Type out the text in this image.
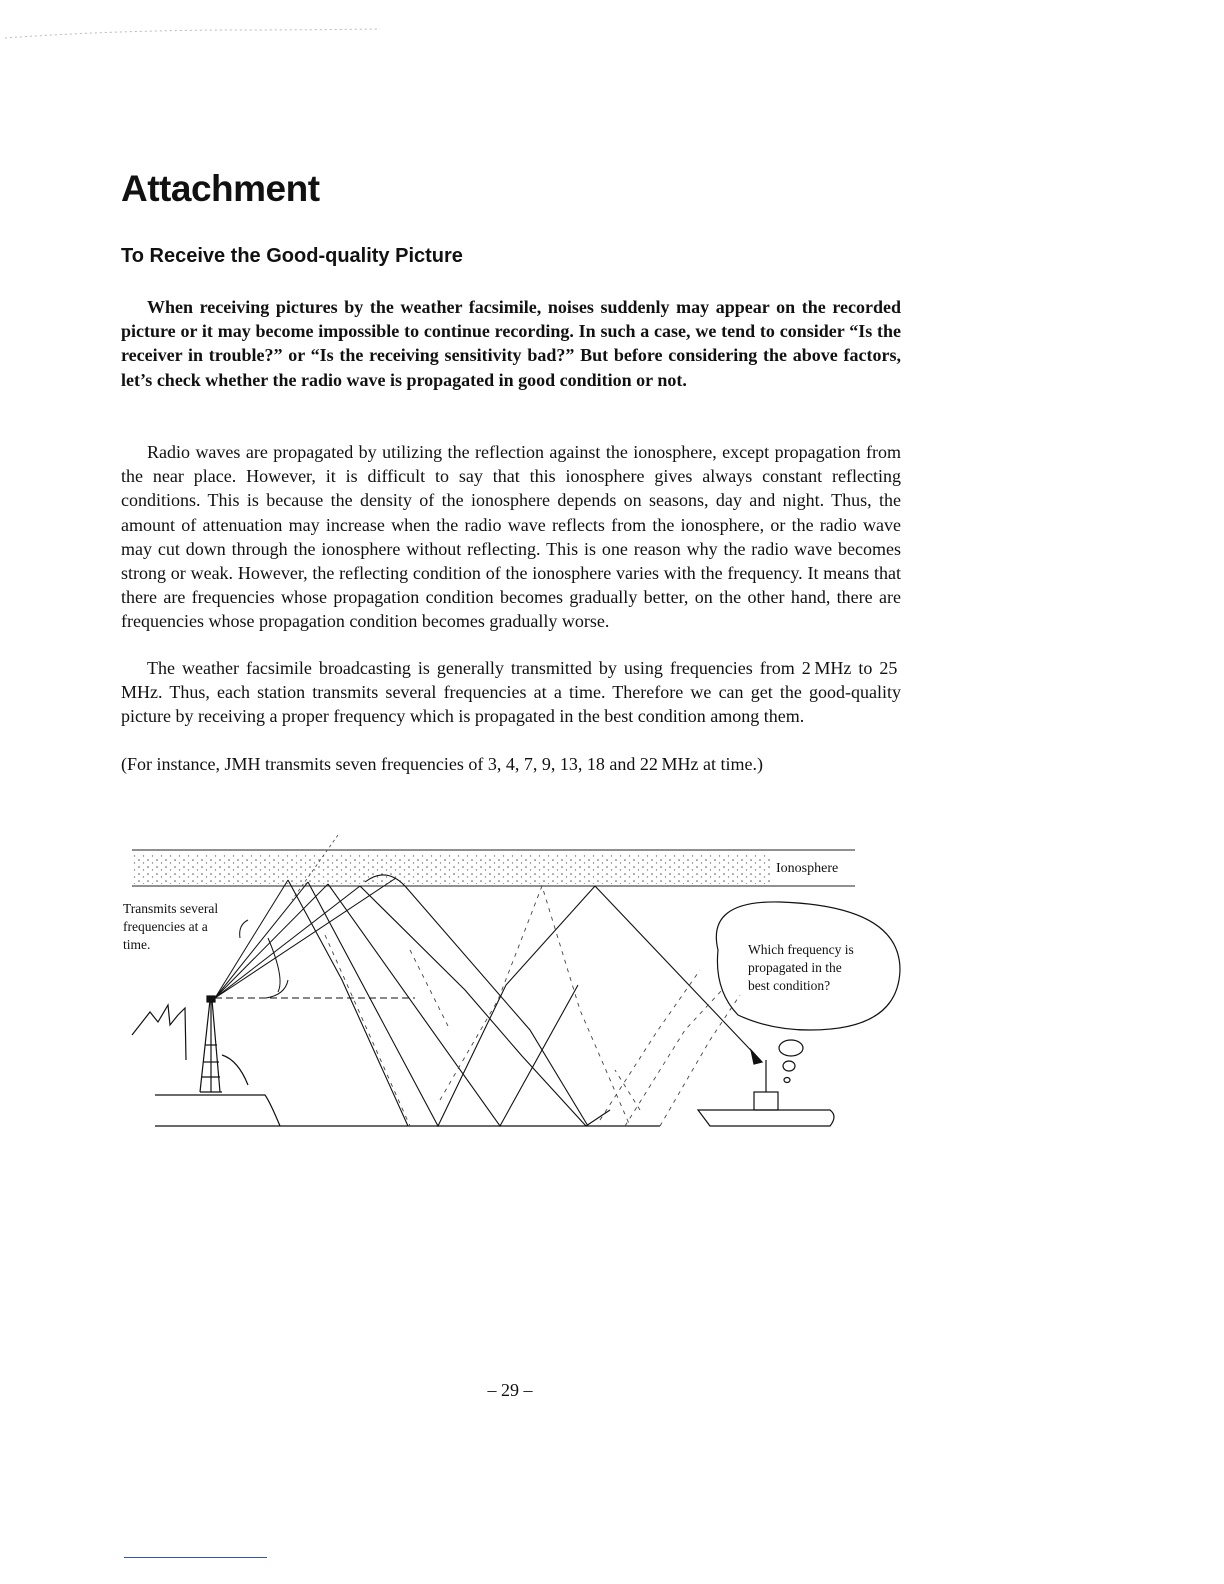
Attachment
To Receive the Good-quality Picture

When receiving pictures by the weather facsimile, noises suddenly may appear on the recorded picture or it may become impossible to continue recording. In such a case, we tend to consider “Is the receiver in trouble?” or “Is the receiving sensitivity bad?” But before considering the above factors, let’s check whether the radio wave is propagated in good condition or not.

Radio waves are propagated by utilizing the reflection against the ionosphere, except propagation from the near place. However, it is difficult to say that this ionosphere gives always constant reflecting conditions. This is because the density of the ionosphere depends on seasons, day and night. Thus, the amount of attenuation may increase when the radio wave reflects from the ionosphere, or the radio wave may cut down through the ionosphere without reflecting. This is one reason why the radio wave becomes strong or weak. However, the reflecting condition of the ionosphere varies with the frequency. It means that there are frequencies whose propagation condition becomes gradually better, on the other hand, there are frequencies whose propagation condition becomes gradually worse.

The weather facsimile broadcasting is generally transmitted by using frequencies from 2 MHz to 25 MHz. Thus, each station transmits several frequencies at a time. Therefore we can get the good-quality picture by receiving a proper frequency which is propagated in the best condition among them.

(For instance, JMH transmits seven frequencies of 3, 4, 7, 9, 13, 18 and 22 MHz at time.)

Ionosphere
Transmits several frequencies at a time.	Which frequency is propagated in the best condition?
– 29 –
